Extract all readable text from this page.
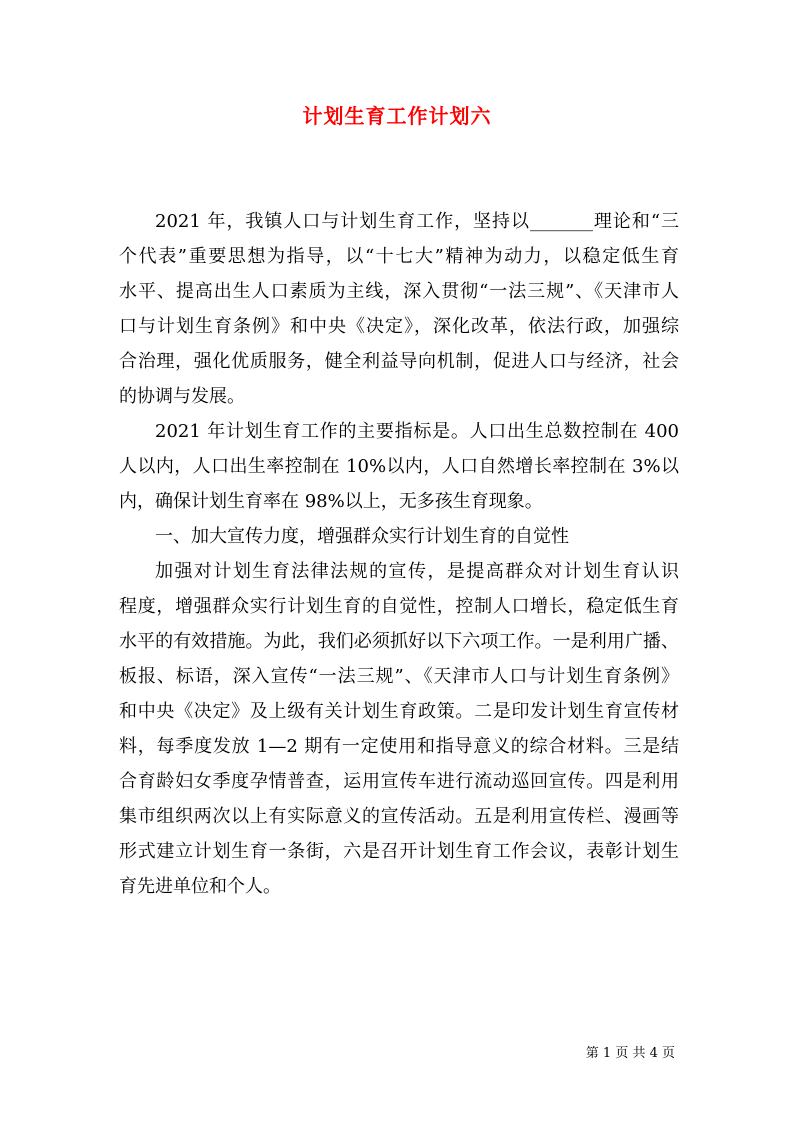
计划生育工作计划六
2021 年，我镇人口与计划生育工作，坚持以_______理论和“三
个代表”重要思想为指导，以“十七大”精神为动力，以稳定低生育
水平、提高出生人口素质为主线，深入贯彻“一法三规”、《天津市人
口与计划生育条例》和中央《决定》，深化改革，依法行政，加强综
合治理，强化优质服务，健全利益导向机制，促进人口与经济，社会
的协调与发展。
2021 年计划生育工作的主要指标是。人口出生总数控制在 400
人以内，人口出生率控制在 10%以内，人口自然增长率控制在 3%以
内，确保计划生育率在 98%以上，无多孩生育现象。
一、加大宣传力度，增强群众实行计划生育的自觉性
加强对计划生育法律法规的宣传，是提高群众对计划生育认识
程度，增强群众实行计划生育的自觉性，控制人口增长，稳定低生育
水平的有效措施。为此，我们必须抓好以下六项工作。一是利用广播、
板报、标语，深入宣传“一法三规”、《天津市人口与计划生育条例》
和中央《决定》及上级有关计划生育政策。二是印发计划生育宣传材
料，每季度发放 1—2 期有一定使用和指导意义的综合材料。三是结
合育龄妇女季度孕情普查，运用宣传车进行流动巡回宣传。四是利用
集市组织两次以上有实际意义的宣传活动。五是利用宣传栏、漫画等
形式建立计划生育一条街，六是召开计划生育工作会议，表彰计划生
育先进单位和个人。
第 1 页 共 4 页
